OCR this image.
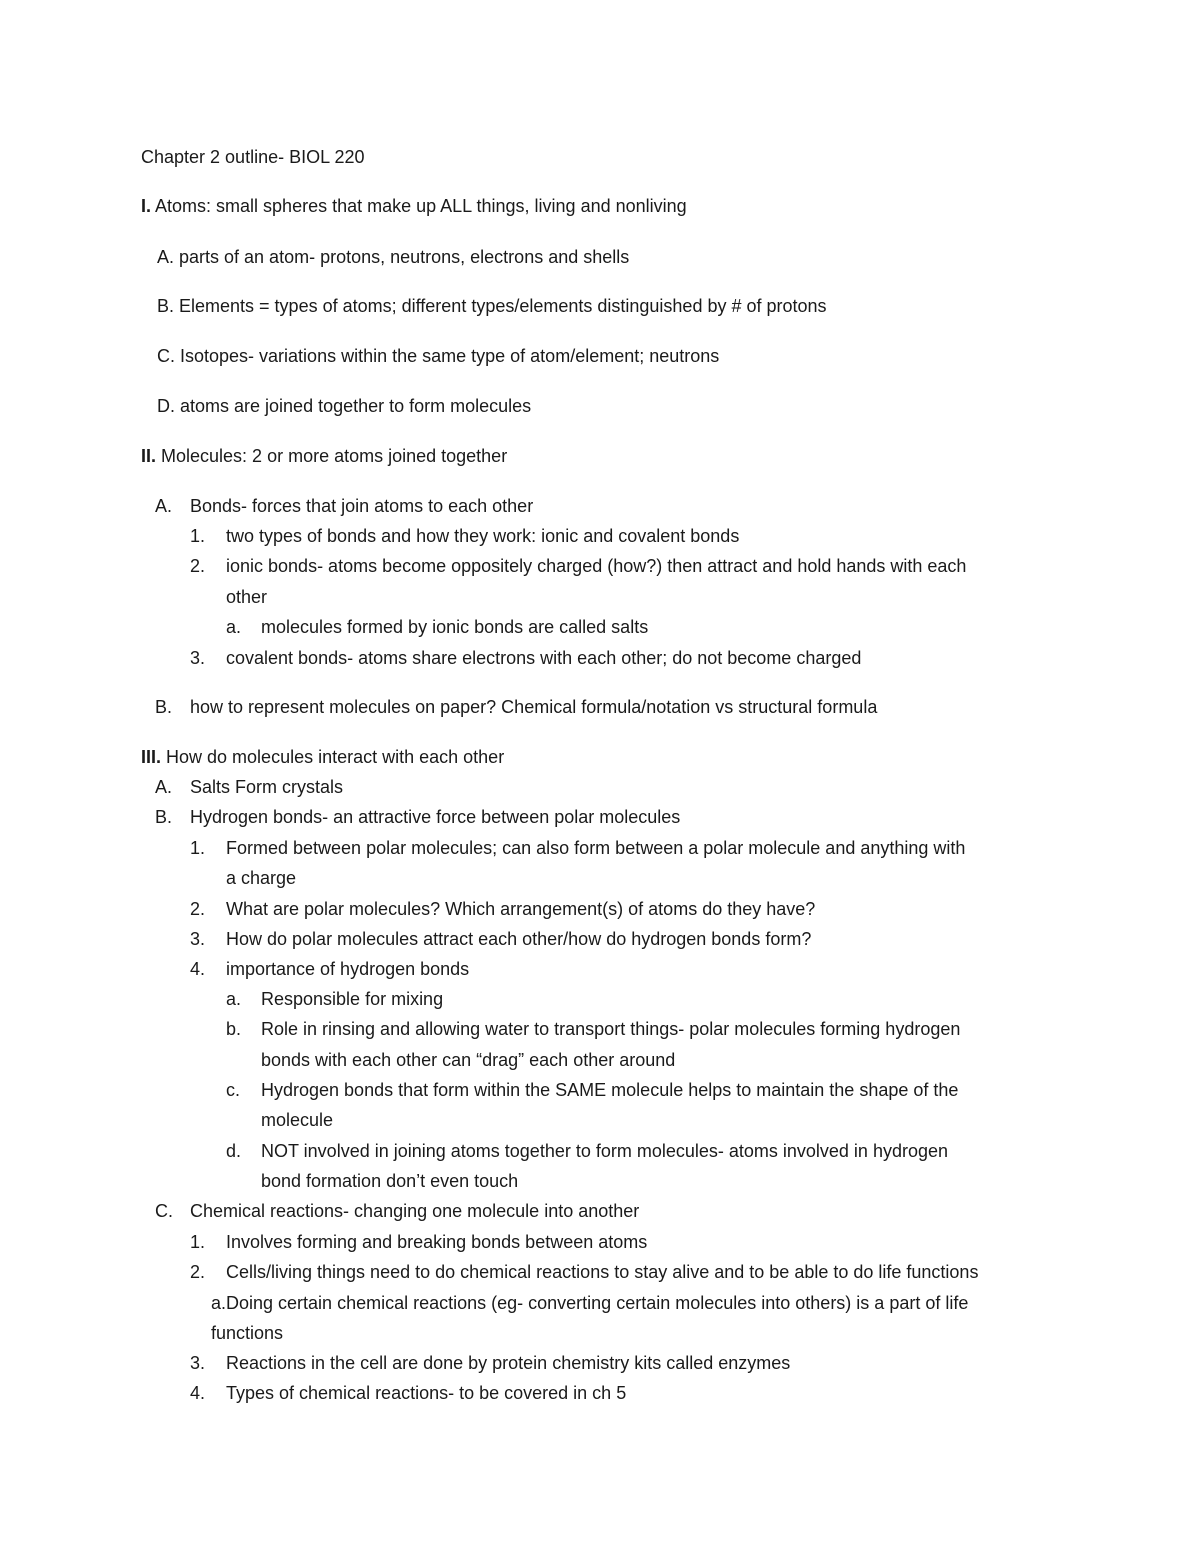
Chapter 2 outline- BIOL 220
I. Atoms: small spheres that make up ALL things, living and nonliving
A. parts of an atom- protons, neutrons, electrons and shells
B. Elements = types of atoms; different types/elements distinguished by # of protons
C. Isotopes- variations within the same type of atom/element; neutrons
D. atoms are joined together to form molecules
II. Molecules: 2 or more atoms joined together
A. Bonds- forces that join atoms to each other
1. two types of bonds and how they work: ionic and covalent bonds
2. ionic bonds- atoms become oppositely charged (how?) then attract and hold hands with each
other
a. molecules formed by ionic bonds are called salts
3. covalent bonds- atoms share electrons with each other; do not become charged
B. how to represent molecules on paper? Chemical formula/notation vs structural formula
III. How do molecules interact with each other
A. Salts Form crystals
B. Hydrogen bonds- an attractive force between polar molecules
1. Formed between polar molecules; can also form between a polar molecule and anything with
a charge
2. What are polar molecules? Which arrangement(s) of atoms do they have?
3. How do polar molecules attract each other/how do hydrogen bonds form?
4. importance of hydrogen bonds
a. Responsible for mixing
b. Role in rinsing and allowing water to transport things- polar molecules forming hydrogen
bonds with each other can “drag” each other around
c. Hydrogen bonds that form within the SAME molecule helps to maintain the shape of the
molecule
d. NOT involved in joining atoms together to form molecules- atoms involved in hydrogen
bond formation don’t even touch
C. Chemical reactions- changing one molecule into another
1. Involves forming and breaking bonds between atoms
2. Cells/living things need to do chemical reactions to stay alive and to be able to do life functions
a.Doing certain chemical reactions (eg- converting certain molecules into others) is a part of life
functions
3. Reactions in the cell are done by protein chemistry kits called enzymes
4. Types of chemical reactions- to be covered in ch 5
